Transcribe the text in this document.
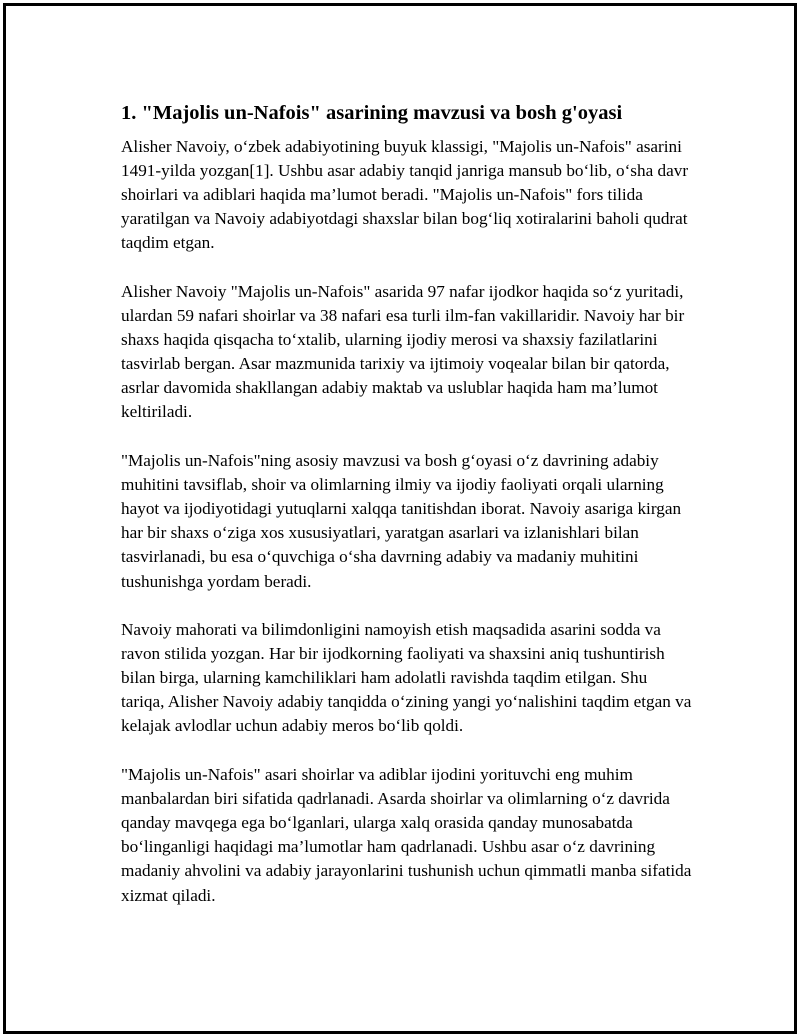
1. "Majolis un-Nafois" asarining mavzusi va bosh g'oyasi

Alisher Navoiy, o‘zbek adabiyotining buyuk klassigi, "Majolis un-Nafois" asarini 1491-yilda yozgan[1]. Ushbu asar adabiy tanqid janriga mansub bo‘lib, o‘sha davr shoirlari va adiblari haqida ma’lumot beradi. "Majolis un-Nafois" fors tilida yaratilgan va Navoiy adabiyotdagi shaxslar bilan bog‘liq xotiralarini baholi qudrat taqdim etgan.

Alisher Navoiy "Majolis un-Nafois" asarida 97 nafar ijodkor haqida so‘z yuritadi, ulardan 59 nafari shoirlar va 38 nafari esa turli ilm-fan vakillaridir. Navoiy har bir shaxs haqida qisqacha to‘xtalib, ularning ijodiy merosi va shaxsiy fazilatlarini tasvirlab bergan. Asar mazmunida tarixiy va ijtimoiy voqealar bilan bir qatorda, asrlar davomida shakllangan adabiy maktab va uslublar haqida ham ma’lumot keltiriladi.

"Majolis un-Nafois"ning asosiy mavzusi va bosh g‘oyasi o‘z davrining adabiy muhitini tavsiflab, shoir va olimlarning ilmiy va ijodiy faoliyati orqali ularning hayot va ijodiyotidagi yutuqlarni xalqqa tanitishdan iborat. Navoiy asariga kirgan har bir shaxs o‘ziga xos xususiyatlari, yaratgan asarlari va izlanishlari bilan tasvirlanadi, bu esa o‘quvchiga o‘sha davrning adabiy va madaniy muhitini tushunishga yordam beradi.

Navoiy mahorati va bilimdonligini namoyish etish maqsadida asarini sodda va ravon stilida yozgan. Har bir ijodkorning faoliyati va shaxsini aniq tushuntirish bilan birga, ularning kamchiliklari ham adolatli ravishda taqdim etilgan. Shu tariqa, Alisher Navoiy adabiy tanqidda o‘zining yangi yo‘nalishini taqdim etgan va kelajak avlodlar uchun adabiy meros bo‘lib qoldi.

"Majolis un-Nafois" asari shoirlar va adiblar ijodini yorituvchi eng muhim manbalardan biri sifatida qadrlanadi. Asarda shoirlar va olimlarning o‘z davrida qanday mavqega ega bo‘lganlari, ularga xalq orasida qanday munosabatda bo‘linganligi haqidagi ma’lumotlar ham qadrlanadi. Ushbu asar o‘z davrining madaniy ahvolini va adabiy jarayonlarini tushunish uchun qimmatli manba sifatida xizmat qiladi.
